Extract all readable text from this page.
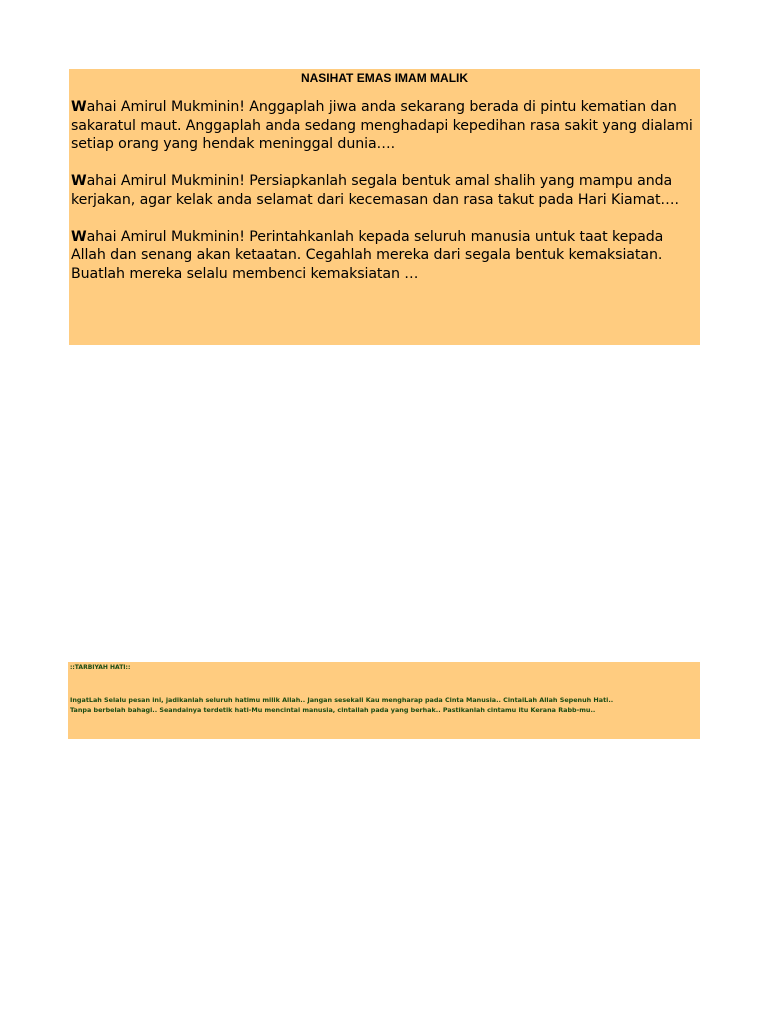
NASIHAT EMAS IMAM MALIK

Wahai Amirul Mukminin! Anggaplah jiwa anda sekarang berada di pintu kematian dan sakaratul maut. Anggaplah anda sedang menghadapi kepedihan rasa sakit yang dialami setiap orang yang hendak meninggal dunia….

Wahai Amirul Mukminin! Persiapkanlah segala bentuk amal shalih yang mampu anda kerjakan, agar kelak anda selamat dari kecemasan dan rasa takut pada Hari Kiamat….

Wahai Amirul Mukminin! Perintahkanlah kepada seluruh manusia untuk taat kepada Allah dan senang akan ketaatan. Cegahlah mereka dari segala bentuk kemaksiatan. Buatlah mereka selalu membenci kemaksiatan …

::TARBIYAH HATI::
IngatLah Selalu pesan ini, jadikanlah seluruh hatimu milik Allah.. Jangan sesekali Kau mengharap pada Cinta Manusia.. CintaiLah Allah Sepenuh Hati..
Tanpa berbelah bahagi.. Seandainya terdetik hati-Mu mencintai manusia, cintailah pada yang berhak.. Pastikanlah cintamu itu Kerana Rabb-mu..
